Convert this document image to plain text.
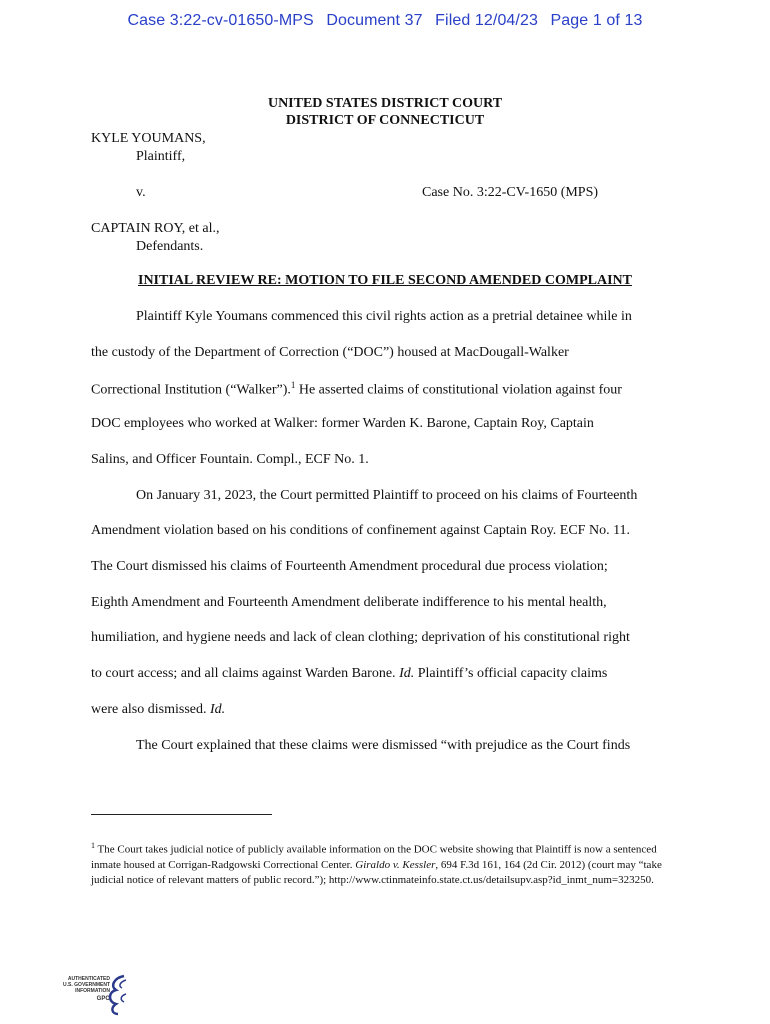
Case 3:22-cv-01650-MPS Document 37 Filed 12/04/23 Page 1 of 13
UNITED STATES DISTRICT COURT
DISTRICT OF CONNECTICUT
KYLE YOUMANS,
Plaintiff,
v.	Case No. 3:22-CV-1650 (MPS)
CAPTAIN ROY, et al.,
Defendants.
INITIAL REVIEW RE: MOTION TO FILE SECOND AMENDED COMPLAINT
Plaintiff Kyle Youmans commenced this civil rights action as a pretrial detainee while in
the custody of the Department of Correction (“DOC”) housed at MacDougall-Walker
Correctional Institution (“Walker”).$^1$ He asserted claims of constitutional violation against four
DOC employees who worked at Walker: former Warden K. Barone, Captain Roy, Captain
Salins, and Officer Fountain. Compl., ECF No. 1.
On January 31, 2023, the Court permitted Plaintiff to proceed on his claims of Fourteenth
Amendment violation based on his conditions of confinement against Captain Roy. ECF No. 11.
The Court dismissed his claims of Fourteenth Amendment procedural due process violation;
Eighth Amendment and Fourteenth Amendment deliberate indifference to his mental health,
humiliation, and hygiene needs and lack of clean clothing; deprivation of his constitutional right
to court access; and all claims against Warden Barone. Id. Plaintiff’s official capacity claims
were also dismissed. Id.
The Court explained that these claims were dismissed “with prejudice as the Court finds
$^1$ The Court takes judicial notice of publicly available information on the DOC website showing that Plaintiff is now a sentenced inmate housed at Corrigan-Radgowski Correctional Center. Giraldo v. Kessler, 694 F.3d 161, 164 (2d Cir. 2012) (court may “take judicial notice of relevant matters of public record.”); http://www.ctinmateinfo.state.ct.us/detailsupv.asp?id_inmt_num=323250.
AUTHENTICATED
U.S. GOVERNMENT
INFORMATION
GPO
